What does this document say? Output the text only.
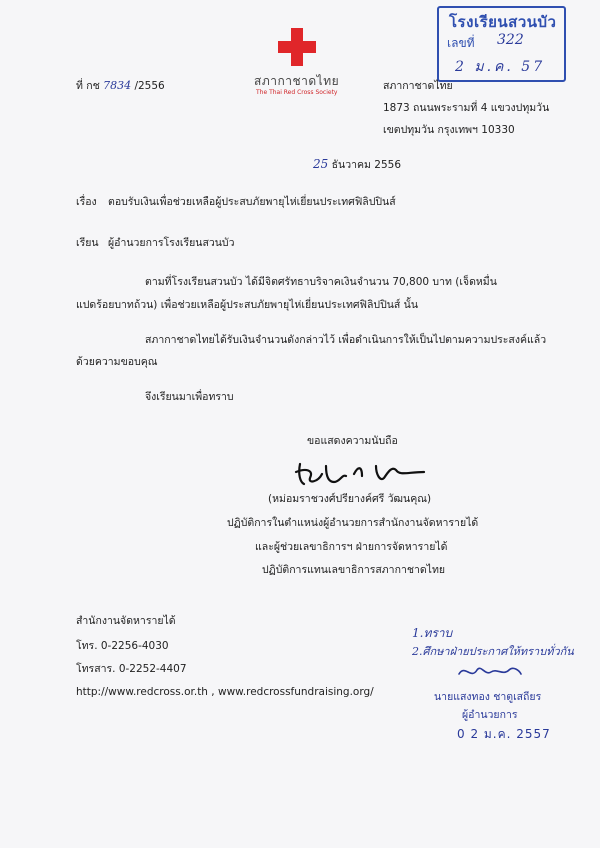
โรงเรียนสวนบัว
เลขที่ 322
2 ม.ค. 57
สภากาชาดไทย
The Thai Red Cross Society
ที่ กช 7834 /2556	สภากาชาดไทย
1873 ถนนพระรามที่ 4 แขวงปทุมวัน
เขตปทุมวัน กรุงเทพฯ 10330
25 ธันวาคม 2556
เรื่อง ตอบรับเงินเพื่อช่วยเหลือผู้ประสบภัยพายุไห่เยี่ยนประเทศฟิลิปปินส์
เรียน ผู้อำนวยการโรงเรียนสวนบัว
ตามที่โรงเรียนสวนบัว ได้มีจิตศรัทธาบริจาคเงินจำนวน 70,800 บาท (เจ็ดหมื่น
แปดร้อยบาทถ้วน) เพื่อช่วยเหลือผู้ประสบภัยพายุไห่เยี่ยนประเทศฟิลิปปินส์ นั้น
สภากาชาดไทยได้รับเงินจำนวนดังกล่าวไว้ เพื่อดำเนินการให้เป็นไปตามความประสงค์แล้ว
ด้วยความขอบคุณ
จึงเรียนมาเพื่อทราบ
ขอแสดงความนับถือ
(หม่อมราชวงศ์ปรียางค์ศรี วัฒนคุณ)
ปฏิบัติการในตำแหน่งผู้อำนวยการสำนักงานจัดหารายได้
และผู้ช่วยเลขาธิการฯ ฝ่ายการจัดหารายได้
ปฏิบัติการแทนเลขาธิการสภากาชาดไทย
สำนักงานจัดหารายได้
โทร. 0-2256-4030
โทรสาร. 0-2252-4407
http://www.redcross.or.th , www.redcrossfundraising.org/
1.ทราบ
2.ศึกษาฝ่ายประกาศให้ทราบทั่วกัน
นายแสงทอง ชาตูเสถียร
ผู้อำนวยการ
0 2 ม.ค. 2557
